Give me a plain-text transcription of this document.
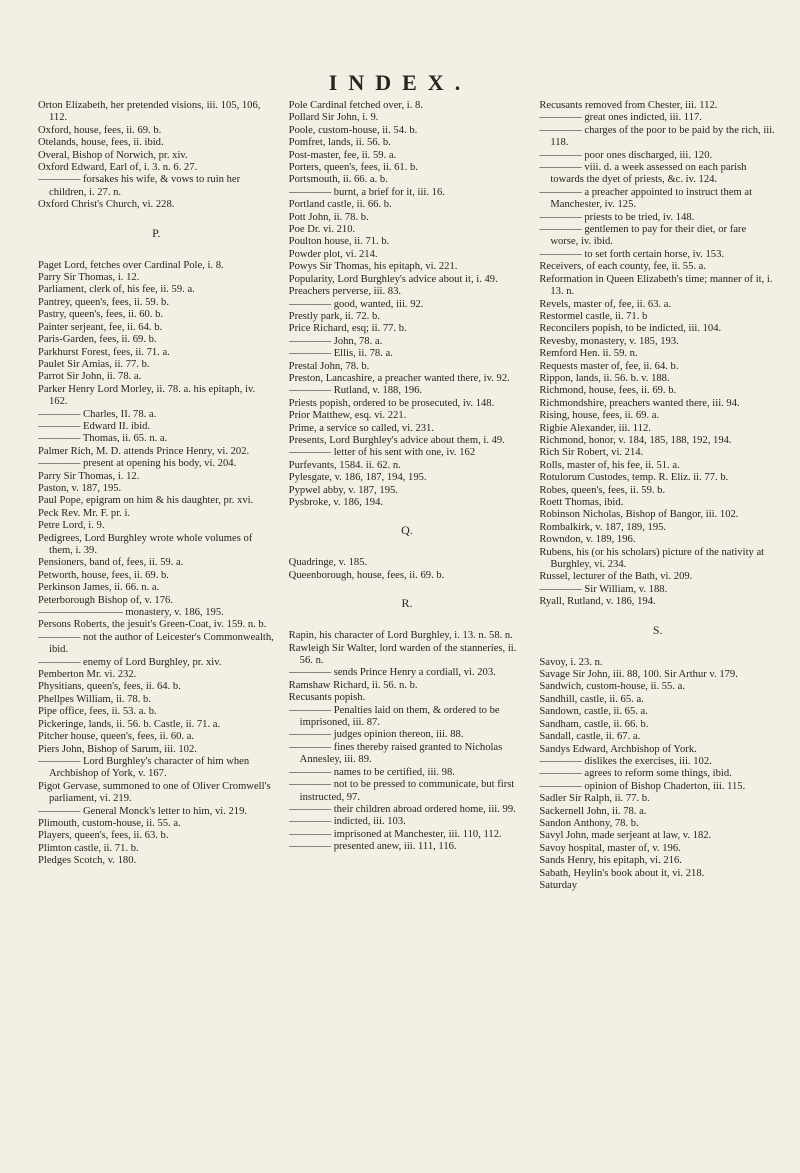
INDEX.

Orton Elizabeth, her pretended visions, iii. 105, 106, 112.

Oxford, house, fees, ii. 69. b.

Otelands, house, fees, ii. ibid.

Overal, Bishop of Norwich, pr. xiv.

Oxford Edward, Earl of, i. 3. n. 6. 27.

———— forsakes his wife, & vows to ruin her children, i. 27. n.

Oxford Christ's Church, vi. 228.

P.

Paget Lord, fetches over Cardinal Pole, i. 8.

Parry Sir Thomas, i. 12.

Parliament, clerk of, his fee, ii. 59. a.

Pantrey, queen's, fees, ii. 59. b.

Pastry, queen's, fees, ii. 60. b.

Painter serjeant, fee, ii. 64. b.

Paris-Garden, fees, ii. 69. b.

Parkhurst Forest, fees, ii. 71. a.

Paulet Sir Amias, ii. 77. b.

Parrot Sir John, ii. 78. a.

Parker Henry Lord Morley, ii. 78. a. his epitaph, iv. 162.

———— Charles, II. 78. a.

———— Edward II. ibid.

———— Thomas, ii. 65. n. a.

Palmer Rich, M. D. attends Prince Henry, vi. 202.

———— present at opening his body, vi. 204.

Parry Sir Thomas, i. 12.

Paston, v. 187, 195.

Paul Pope, epigram on him & his daughter, pr. xvi.

Peck Rev. Mr. F. pr. i.

Petre Lord, i. 9.

Pedigrees, Lord Burghley wrote whole volumes of them, i. 39.

Pensioners, band of, fees, ii. 59. a.

Petworth, house, fees, ii. 69. b.

Perkinson James, ii. 66. n. a.

Peterborough Bishop of, v. 176.

———————— monastery, v. 186, 195.

Persons Roberts, the jesuit's Green-Coat, iv. 159. n. b.

———— not the author of Leicester's Commonwealth, ibid.

———— enemy of Lord Burghley, pr. xiv.

Pemberton Mr. vi. 232.

Physitians, queen's, fees, ii. 64. b.

Phellpes William, ii. 78. b.

Pipe office, fees, ii. 53. a. b.

Pickeringe, lands, ii. 56. b. Castle, ii. 71. a.

Pitcher house, queen's, fees, ii. 60. a.

Piers John, Bishop of Sarum, iii. 102.

———— Lord Burghley's character of him when Archbishop of York, v. 167.

Pigot Gervase, summoned to one of Oliver Cromwell's parliament, vi. 219.

———— General Monck's letter to him, vi. 219.

Plimouth, custom-house, ii. 55. a.

Players, queen's, fees, ii. 63. b.

Plimton castle, ii. 71. b.

Pledges Scotch, v. 180.

Pole Cardinal fetched over, i. 8.

Pollard Sir John, i. 9.

Poole, custom-house, ii. 54. b.

Pomfret, lands, ii. 56. b.

Post-master, fee, ii. 59. a.

Porters, queen's, fees, ii. 61. b.

Portsmouth, ii. 66. a. b.

———— burnt, a brief for it, iii. 16.

Portland castle, ii. 66. b.

Pott John, ii. 78. b.

Poe Dr. vi. 210.

Poulton house, ii. 71. b.

Powder plot, vi. 214.

Powys Sir Thomas, his epitaph, vi. 221.

Popularity, Lord Burghley's advice about it, i. 49.

Preachers perverse, iii. 83.

———— good, wanted, iii. 92.

Prestly park, ii. 72. b.

Price Richard, esq; ii. 77. b.

———— John, 78. a.

———— Ellis, ii. 78. a.

Prestal John, 78. b.

Preston, Lancashire, a preacher wanted there, iv. 92.

———— Rutland, v. 188, 196.

Priests popish, ordered to be prosecuted, iv. 148.

Prior Matthew, esq. vi. 221.

Prime, a service so called, vi. 231.

Presents, Lord Burghley's advice about them, i. 49.

———— letter of his sent with one, iv. 162

Purfevants, 1584. ii. 62. n.

Pylesgate, v. 186, 187, 194, 195.

Pypwel abby, v. 187, 195.

Pysbroke, v. 186, 194.

Q.

Quadringe, v. 185.

Queenborough, house, fees, ii. 69. b.

R.

Rapin, his character of Lord Burghley, i. 13. n. 58. n.

Rawleigh Sir Walter, lord warden of the stanneries, ii. 56. n.

———— sends Prince Henry a cordiall, vi. 203.

Ramshaw Richard, ii. 56. n. b.

Recusants popish.

———— Penalties laid on them, & ordered to be imprisoned, iii. 87.

———— judges opinion thereon, iii. 88.

———— fines thereby raised granted to Nicholas Annesley, iii. 89.

———— names to be certified, iii. 98.

———— not to be pressed to communicate, but first instructed, 97.

———— their children abroad ordered home, iii. 99.

———— indicted, iii. 103.

———— imprisoned at Manchester, iii. 110, 112.

———— presented anew, iii. 111, 116.

Recusants removed from Chester, iii. 112.

———— great ones indicted, iii. 117.

———— charges of the poor to be paid by the rich, iii. 118.

———— poor ones discharged, iii. 120.

———— viii. d. a week assessed on each parish towards the dyet of priests, &c. iv. 124.

———— a preacher appointed to instruct them at Manchester, iv. 125.

———— priests to be tried, iv. 148.

———— gentlemen to pay for their diet, or fare worse, iv. ibid.

———— to set forth certain horse, iv. 153.

Receivers, of each county, fee, ii. 55. a.

Reformation in Queen Elizabeth's time; manner of it, i. 13. n.

Revels, master of, fee, ii. 63. a.

Restormel castle, ii. 71. b

Reconcilers popish, to be indicted, iii. 104.

Revesby, monastery, v. 185, 193.

Remford Hen. ii. 59. n.

Requests master of, fee, ii. 64. b.

Rippon, lands, ii. 56. b. v. 188.

Richmond, house, fees, ii. 69. b.

Richmondshire, preachers wanted there, iii. 94.

Rising, house, fees, ii. 69. a.

Rigbie Alexander, iii. 112.

Richmond, honor, v. 184, 185, 188, 192, 194.

Rich Sir Robert, vi. 214.

Rolls, master of, his fee, ii. 51. a.

Rotulorum Custodes, temp. R. Eliz. ii. 77. b.

Robes, queen's, fees, ii. 59. b.

Roett Thomas, ibid.

Robinson Nicholas, Bishop of Bangor, iii. 102.

Rombalkirk, v. 187, 189, 195.

Rowndon, v. 189, 196.

Rubens, his (or his scholars) picture of the nativity at Burghley, vi. 234.

Russel, lecturer of the Bath, vi. 209.

———— Sir William, v. 188.

Ryall, Rutland, v. 186, 194.

S.

Savoy, i. 23. n.

Savage Sir John, iii. 88, 100. Sir Arthur v. 179.

Sandwich, custom-house, ii. 55. a.

Sandhill, castle, ii. 65. a.

Sandown, castle, ii. 65. a.

Sandham, castle, ii. 66. b.

Sandall, castle, ii. 67. a.

Sandys Edward, Archbishop of York.

———— dislikes the exercises, iii. 102.

———— agrees to reform some things, ibid.

———— opinion of Bishop Chaderton, iii. 115.

Sadler Sir Ralph, ii. 77. b.

Sackernell John, ii. 78. a.

Sandon Anthony, 78. b.

Savyl John, made serjeant at law, v. 182.

Savoy hospital, master of, v. 196.

Sands Henry, his epitaph, vi. 216.

Sabath, Heylin's book about it, vi. 218.

Saturday
